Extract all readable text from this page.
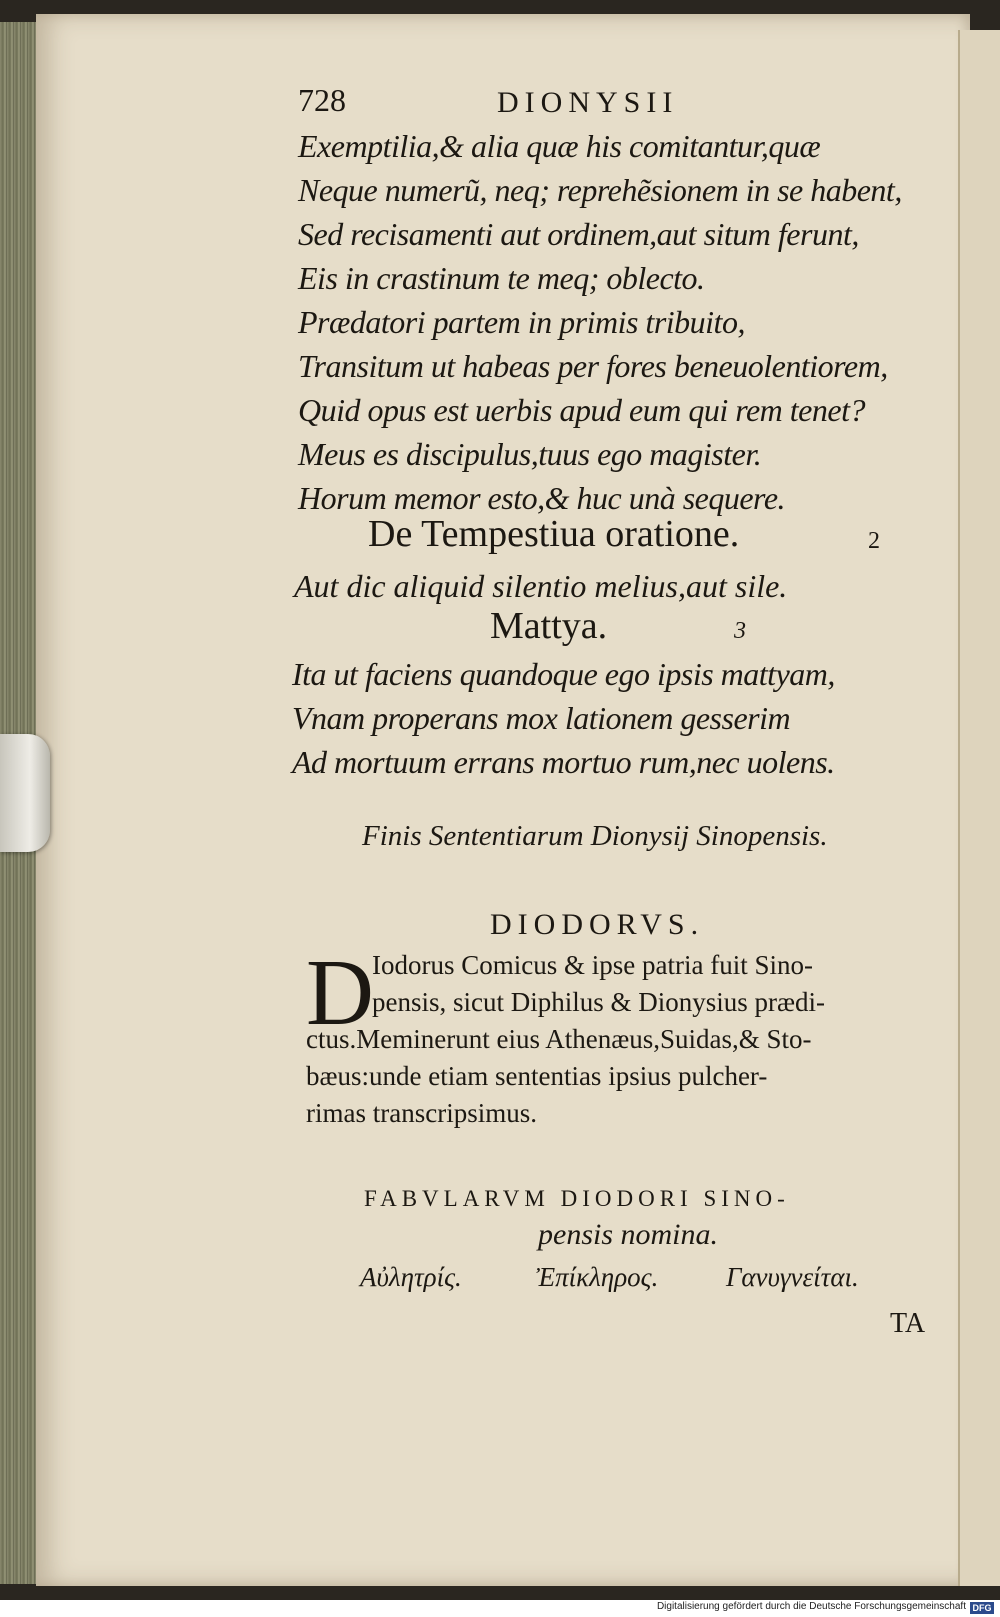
728	DIONYSII
Exemptilia,& alia quæ his comitantur,quæ
Neque numerũ, neq; reprehẽsionem in se habent,
Sed recisamenti aut ordinem,aut situm ferunt,
Eis in crastinum te meq; oblecto.
Prædatori partem in primis tribuito,
Transitum ut habeas per fores beneuolentiorem,
Quid opus est uerbis apud eum qui rem tenet?
Meus es discipulus,tuus ego magister.
Horum memor esto,& huc unà sequere.
De Tempestiua oratione.	2
Aut dic aliquid silentio melius,aut sile.
Mattya.	3
Ita ut faciens quandoque ego ipsis mattyam,
Vnam properans mox lationem gesserim
Ad mortuum errans mortuo rum,nec uolens.
Finis Sententiarum Dionysij Sinopensis.
DIODORVS.
D
Iodorus Comicus & ipse patria fuit Sino-
pensis, sicut Diphilus & Dionysius prædi-
ctus.Meminerunt eius Athenæus,Suidas,& Sto-
bæus:unde etiam sententias ipsius pulcher-
rimas transcripsimus.
FABVLARVM DIODORI SINO-
pensis nomina.
Αὐλητρίς.	Ἐπίκληρος.	Γανυγνείται.
TA
Digitalisierung gefördert durch die Deutsche Forschungsgemeinschaft DFG
